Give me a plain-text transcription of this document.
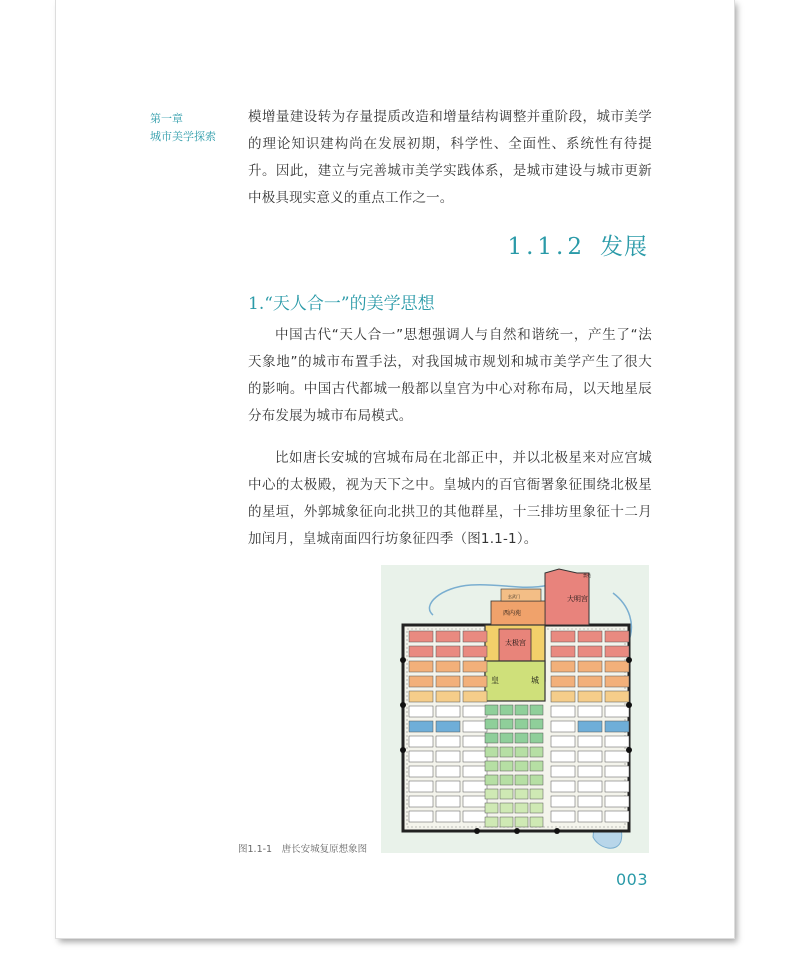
第一章
城市美学探索
模增量建设转为存量提质改造和增量结构调整并重阶段，城市美学的理论知识建构尚在发展初期，科学性、全面性、系统性有待提升。因此，建立与完善城市美学实践体系，是城市建设与城市更新中极具现实意义的重点工作之一。
1.1.2 发展
1.“天人合一”的美学思想
中国古代“天人合一”思想强调人与自然和谐统一，产生了“法天象地”的城市布置手法，对我国城市规划和城市美学产生了很大的影响。中国古代都城一般都以皇宫为中心对称布局，以天地星辰分布发展为城市布局模式。
比如唐长安城的宫城布局在北部正中，并以北极星来对应宫城中心的太极殿，视为天下之中。皇城内的百官衙署象征围绕北极星的星垣，外郭城象征向北拱卫的其他群星，十三排坊里象征十二月加闰月，皇城南面四行坊象征四季（图1.1-1）。
大明宫
西内苑
太极宫
皇	城
玄武门
禁苑
图1.1-1　唐长安城复原想象图
003
